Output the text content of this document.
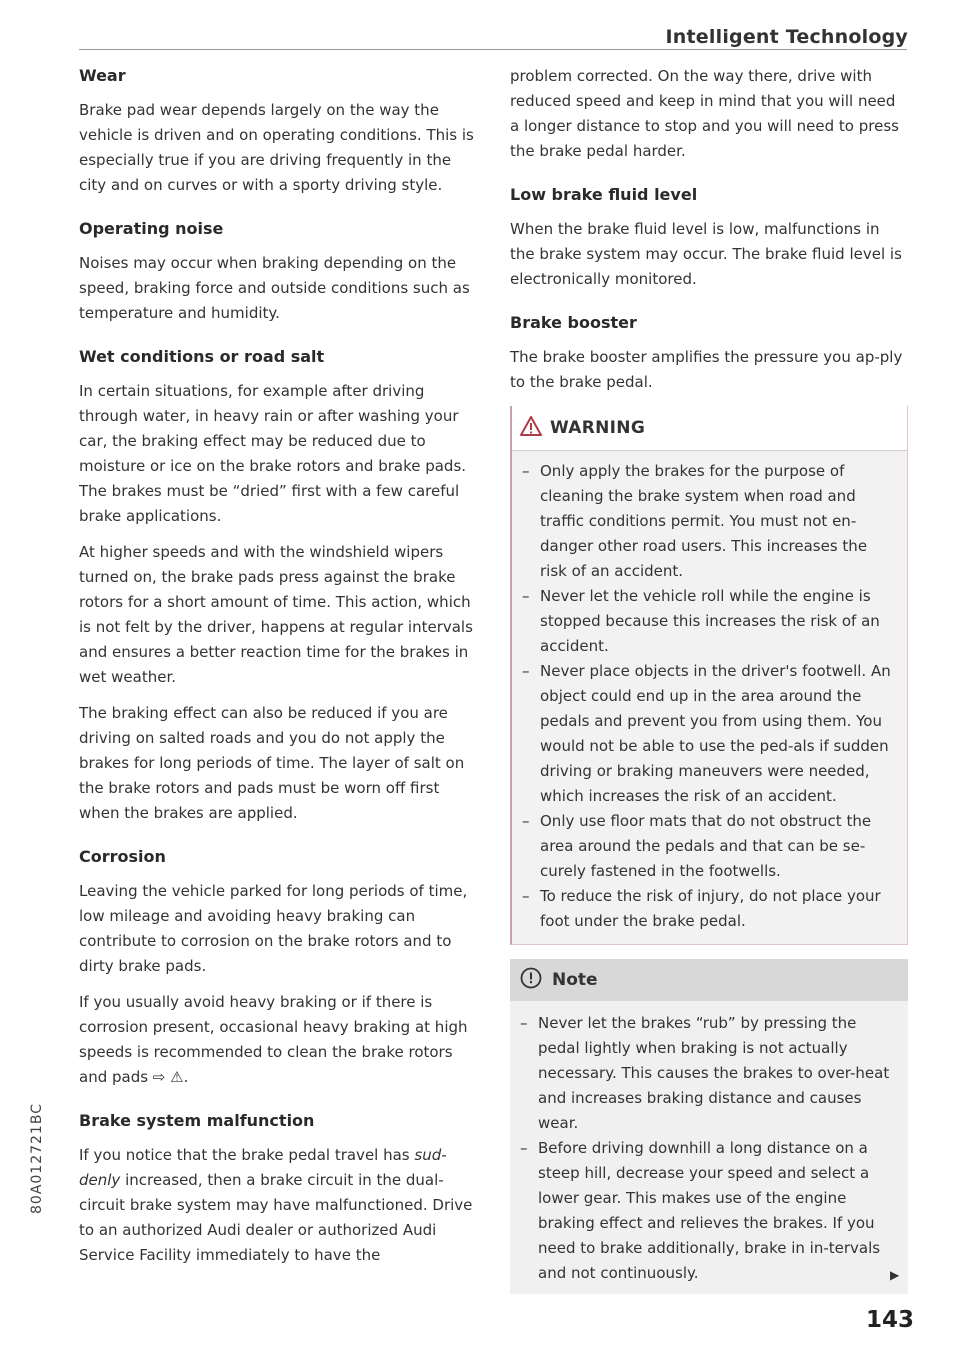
Intelligent Technology
Wear

Brake pad wear depends largely on the way the vehicle is driven and on operating conditions. This is especially true if you are driving frequently in the city and on curves or with a sporty driving style.

Operating noise

Noises may occur when braking depending on the speed, braking force and outside conditions such as temperature and humidity.

Wet conditions or road salt

In certain situations, for example after driving through water, in heavy rain or after washing your car, the braking effect may be reduced due to moisture or ice on the brake rotors and brake pads. The brakes must be “dried” first with a few careful brake applications.

At higher speeds and with the windshield wipers turned on, the brake pads press against the brake rotors for a short amount of time. This action, which is not felt by the driver, happens at regular intervals and ensures a better reaction time for the brakes in wet weather.

The braking effect can also be reduced if you are driving on salted roads and you do not apply the brakes for long periods of time. The layer of salt on the brake rotors and pads must be worn off first when the brakes are applied.

Corrosion

Leaving the vehicle parked for long periods of time, low mileage and avoiding heavy braking can contribute to corrosion on the brake rotors and to dirty brake pads.

If you usually avoid heavy braking or if there is corrosion present, occasional heavy braking at high speeds is recommended to clean the brake rotors and pads ⇨ ⚠.

Brake system malfunction

If you notice that the brake pedal travel has sud-denly increased, then a brake circuit in the dual-circuit brake system may have malfunctioned. Drive to an authorized Audi dealer or authorized Audi Service Facility immediately to have the

problem corrected. On the way there, drive with reduced speed and keep in mind that you will need a longer distance to stop and you will need to press the brake pedal harder.

Low brake fluid level

When the brake fluid level is low, malfunctions in the brake system may occur. The brake fluid level is electronically monitored.

Brake booster

The brake booster amplifies the pressure you ap-ply to the brake pedal.

WARNING
– Only apply the brakes for the purpose of cleaning the brake system when road and traffic conditions permit. You must not en-danger other road users. This increases the risk of an accident.
– Never let the vehicle roll while the engine is stopped because this increases the risk of an accident.
– Never place objects in the driver's footwell. An object could end up in the area around the pedals and prevent you from using them. You would not be able to use the ped-als if sudden driving or braking maneuvers were needed, which increases the risk of an accident.
– Only use floor mats that do not obstruct the area around the pedals and that can be se-curely fastened in the footwells.
– To reduce the risk of injury, do not place your foot under the brake pedal.
Note
– Never let the brakes “rub” by pressing the pedal lightly when braking is not actually necessary. This causes the brakes to over-heat and increases braking distance and causes wear.
– Before driving downhill a long distance on a steep hill, decrease your speed and select a lower gear. This makes use of the engine braking effect and relieves the brakes. If you need to brake additionally, brake in in-tervals and not continuously.	▶
143
80A012721BC
